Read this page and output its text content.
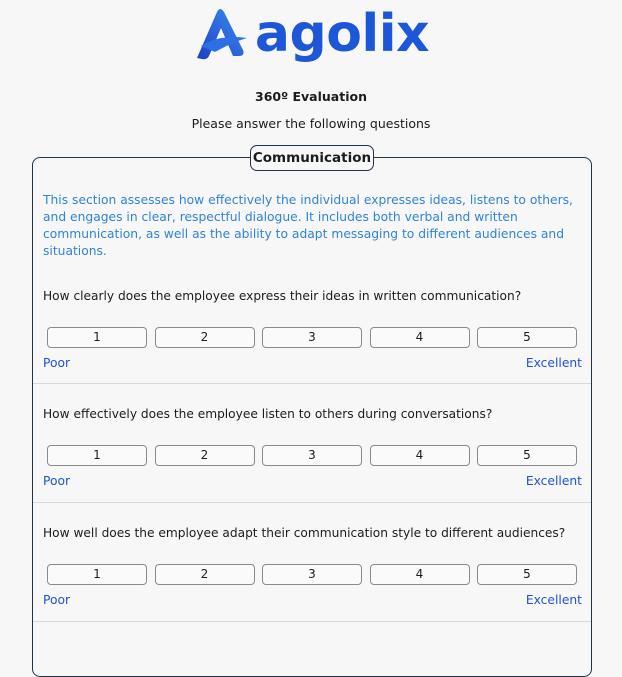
agolix
360º Evaluation
Please answer the following questions
Communication

This section assesses how effectively the individual expresses ideas, listens to others, and engages in clear, respectful dialogue. It includes both verbal and written communication, as well as the ability to adapt messaging to different audiences and situations.

How clearly does the employee express their ideas in written communication?
1	2	3	4	5
Poor	Excellent
How effectively does the employee listen to others during conversations?
1	2	3	4	5
Poor	Excellent
How well does the employee adapt their communication style to different audiences?
1	2	3	4	5
Poor	Excellent
